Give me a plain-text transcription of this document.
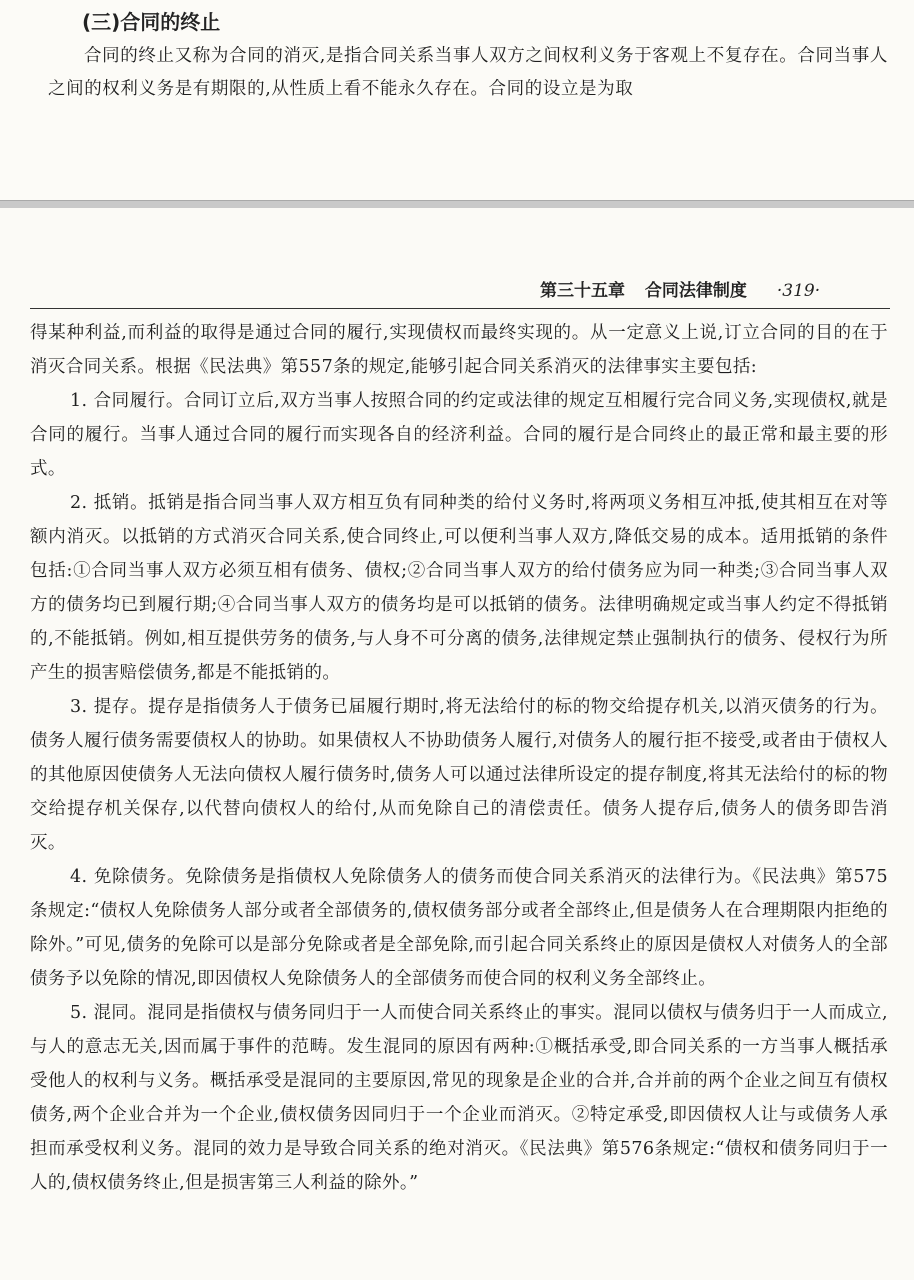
(三)合同的终止
合同的终止又称为合同的消灭,是指合同关系当事人双方之间权利义务于客观上不复存在。合同当事人之间的权利义务是有期限的,从性质上看不能永久存在。合同的设立是为取
第三十五章 合同法律制度 ·319·

得某种利益,而利益的取得是通过合同的履行,实现债权而最终实现的。从一定意义上说,订立合同的目的在于消灭合同关系。根据《民法典》第557条的规定,能够引起合同关系消灭的法律事实主要包括:

1. 合同履行。合同订立后,双方当事人按照合同的约定或法律的规定互相履行完合同义务,实现债权,就是合同的履行。当事人通过合同的履行而实现各自的经济利益。合同的履行是合同终止的最正常和最主要的形式。

2. 抵销。抵销是指合同当事人双方相互负有同种类的给付义务时,将两项义务相互冲抵,使其相互在对等额内消灭。以抵销的方式消灭合同关系,使合同终止,可以便利当事人双方,降低交易的成本。适用抵销的条件包括:①合同当事人双方必须互相有债务、债权;②合同当事人双方的给付债务应为同一种类;③合同当事人双方的债务均已到履行期;④合同当事人双方的债务均是可以抵销的债务。法律明确规定或当事人约定不得抵销的,不能抵销。例如,相互提供劳务的债务,与人身不可分离的债务,法律规定禁止强制执行的债务、侵权行为所产生的损害赔偿债务,都是不能抵销的。

3. 提存。提存是指债务人于债务已届履行期时,将无法给付的标的物交给提存机关,以消灭债务的行为。债务人履行债务需要债权人的协助。如果债权人不协助债务人履行,对债务人的履行拒不接受,或者由于债权人的其他原因使债务人无法向债权人履行债务时,债务人可以通过法律所设定的提存制度,将其无法给付的标的物交给提存机关保存,以代替向债权人的给付,从而免除自己的清偿责任。债务人提存后,债务人的债务即告消灭。

4. 免除债务。免除债务是指债权人免除债务人的债务而使合同关系消灭的法律行为。《民法典》第575条规定:“债权人免除债务人部分或者全部债务的,债权债务部分或者全部终止,但是债务人在合理期限内拒绝的除外。”可见,债务的免除可以是部分免除或者是全部免除,而引起合同关系终止的原因是债权人对债务人的全部债务予以免除的情况,即因债权人免除债务人的全部债务而使合同的权利义务全部终止。

5. 混同。混同是指债权与债务同归于一人而使合同关系终止的事实。混同以债权与债务归于一人而成立,与人的意志无关,因而属于事件的范畴。发生混同的原因有两种:①概括承受,即合同关系的一方当事人概括承受他人的权利与义务。概括承受是混同的主要原因,常见的现象是企业的合并,合并前的两个企业之间互有债权债务,两个企业合并为一个企业,债权债务因同归于一个企业而消灭。②特定承受,即因债权人让与或债务人承担而承受权利义务。混同的效力是导致合同关系的绝对消灭。《民法典》第576条规定:“债权和债务同归于一人的,债权债务终止,但是损害第三人利益的除外。”
